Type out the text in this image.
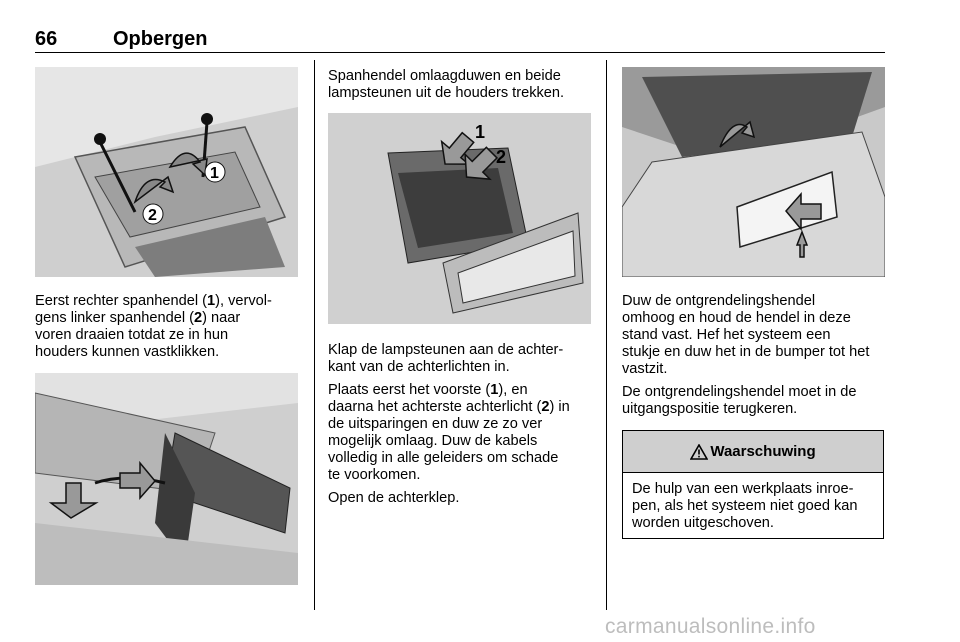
66	Opbergen
1
2
Eerst rechter spanhendel (1), vervol-
gens linker spanhendel (2) naar
voren draaien totdat ze in hun
houders kunnen vastklikken.
Spanhendel omlaagduwen en beide
lampsteunen uit de houders trekken.
1
2

Klap de lampsteunen aan de achter-
kant van de achterlichten in.

Plaats eerst het voorste (1), en
daarna het achterste achterlicht (2) in
de uitsparingen en duw ze zo ver
mogelijk omlaag. Duw de kabels
volledig in alle geleiders om schade
te voorkomen.

Open de achterklep.

Duw de ontgrendelingshendel
omhoog en houd de hendel in deze
stand vast. Hef het systeem een
stukje en duw het in de bumper tot het
vastzit.

De ontgrendelingshendel moet in de
uitgangspositie terugkeren.

Waarschuwing
De hulp van een werkplaats inroe-
pen, als het systeem niet goed kan
worden uitgeschoven.
carmanualsonline.info
